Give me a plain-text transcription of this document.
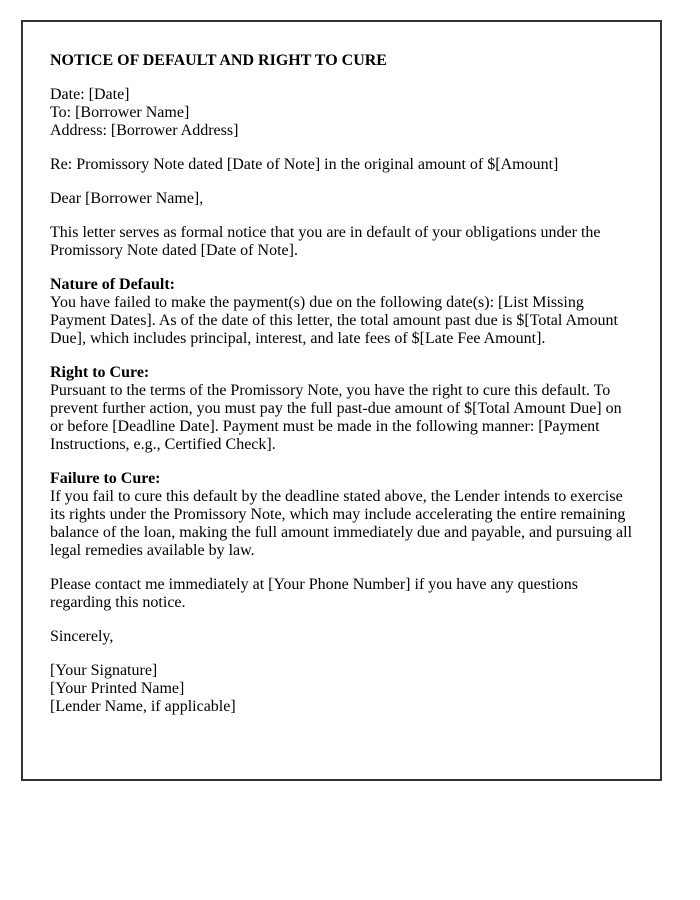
NOTICE OF DEFAULT AND RIGHT TO CURE

Date: [Date]
To: [Borrower Name]
Address: [Borrower Address]

Re: Promissory Note dated [Date of Note] in the original amount of $[Amount]

Dear [Borrower Name],

This letter serves as formal notice that you are in default of your obligations under the Promissory Note dated [Date of Note].

Nature of Default:
You have failed to make the payment(s) due on the following date(s): [List Missing Payment Dates]. As of the date of this letter, the total amount past due is $[Total Amount Due], which includes principal, interest, and late fees of $[Late Fee Amount].

Right to Cure:
Pursuant to the terms of the Promissory Note, you have the right to cure this default. To prevent further action, you must pay the full past-due amount of $[Total Amount Due] on or before [Deadline Date]. Payment must be made in the following manner: [Payment Instructions, e.g., Certified Check].

Failure to Cure:
If you fail to cure this default by the deadline stated above, the Lender intends to exercise its rights under the Promissory Note, which may include accelerating the entire remaining balance of the loan, making the full amount immediately due and payable, and pursuing all legal remedies available by law.

Please contact me immediately at [Your Phone Number] if you have any questions regarding this notice.

Sincerely,

[Your Signature]
[Your Printed Name]
[Lender Name, if applicable]
